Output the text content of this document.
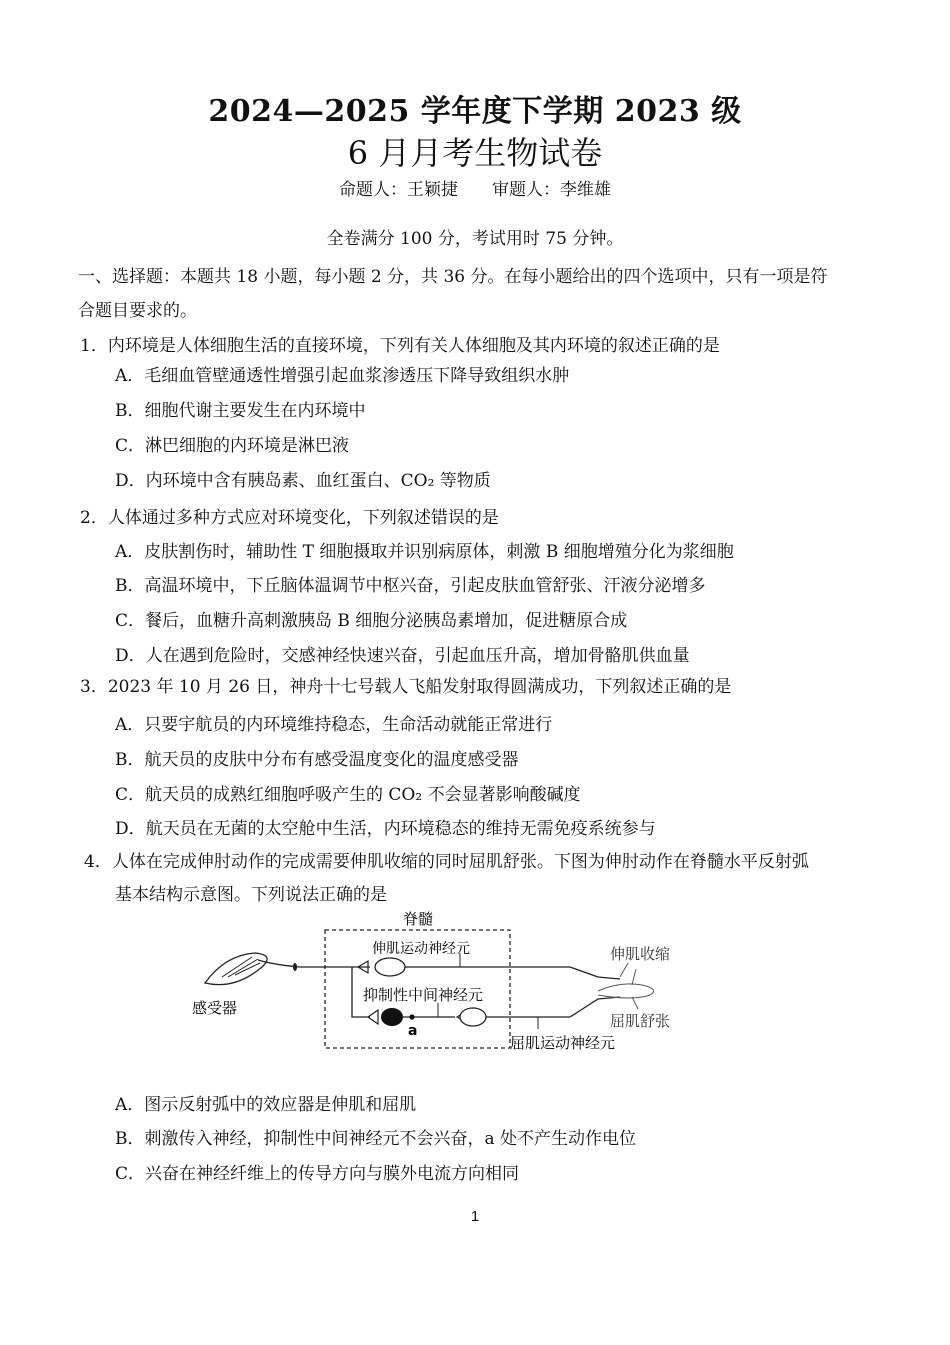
2024—2025 学年度下学期 2023 级
6 月月考生物试卷
命题人：王颖捷 审题人：李维雄
全卷满分 100 分，考试用时 75 分钟。
一、选择题：本题共 18 小题，每小题 2 分，共 36 分。在每小题给出的四个选项中，只有一项是符
合题目要求的。
1．内环境是人体细胞生活的直接环境，下列有关人体细胞及其内环境的叙述正确的是
A．毛细血管壁通透性增强引起血浆渗透压下降导致组织水肿
B．细胞代谢主要发生在内环境中
C．淋巴细胞的内环境是淋巴液
D．内环境中含有胰岛素、血红蛋白、CO₂ 等物质
2．人体通过多种方式应对环境变化，下列叙述错误的是
A．皮肤割伤时，辅助性 T 细胞摄取并识别病原体，刺激 B 细胞增殖分化为浆细胞
B．高温环境中，下丘脑体温调节中枢兴奋，引起皮肤血管舒张、汗液分泌增多
C．餐后，血糖升高刺激胰岛 B 细胞分泌胰岛素增加，促进糖原合成
D．人在遇到危险时，交感神经快速兴奋，引起血压升高，增加骨骼肌供血量
3．2023 年 10 月 26 日，神舟十七号载人飞船发射取得圆满成功，下列叙述正确的是
A．只要宇航员的内环境维持稳态，生命活动就能正常进行
B．航天员的皮肤中分布有感受温度变化的温度感受器
C．航天员的成熟红细胞呼吸产生的 CO₂ 不会显著影响酸碱度
D．航天员在无菌的太空舱中生活，内环境稳态的维持无需免疫系统参与
4．人体在完成伸肘动作的完成需要伸肌收缩的同时屈肌舒张。下图为伸肘动作在脊髓水平反射弧
基本结构示意图。下列说法正确的是
脊髓
感受器
伸肌运动神经元
抑制性中间神经元
a
屈肌运动神经元
伸肌收缩
屈肌舒张
A．图示反射弧中的效应器是伸肌和屈肌
B．刺激传入神经，抑制性中间神经元不会兴奋，a 处不产生动作电位
C．兴奋在神经纤维上的传导方向与膜外电流方向相同
1
